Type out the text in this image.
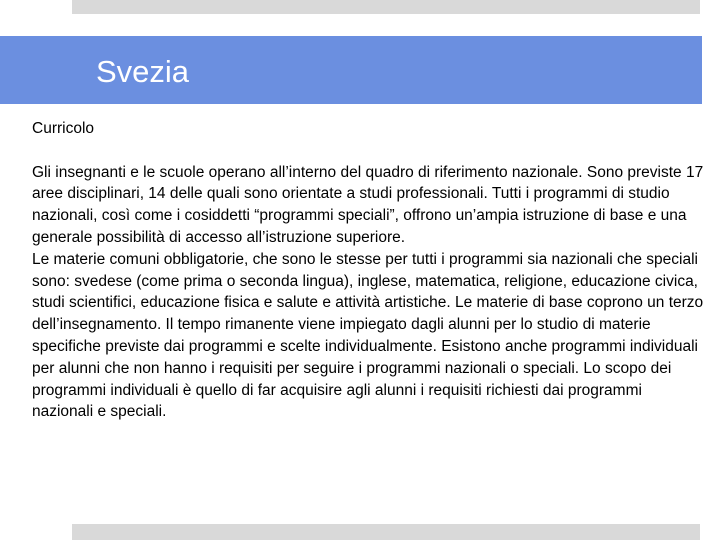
Svezia

Curricolo

Gli insegnanti e le scuole operano all’interno del quadro di riferimento nazionale. Sono previste 17 aree disciplinari, 14 delle quali sono orientate a studi professionali. Tutti i programmi di studio nazionali, così come i cosiddetti “programmi speciali”, offrono un’ampia istruzione di base e una generale possibilità di accesso all’istruzione superiore.

Le materie comuni obbligatorie, che sono le stesse per tutti i programmi sia nazionali che speciali sono: svedese (come prima o seconda lingua), inglese, matematica, religione, educazione civica, studi scientifici, educazione fisica e salute e attività artistiche. Le materie di base coprono un terzo dell’insegnamento. Il tempo rimanente viene impiegato dagli alunni per lo studio di materie specifiche previste dai programmi e scelte individualmente. Esistono anche programmi individuali per alunni che non hanno i requisiti per seguire i programmi nazionali o speciali. Lo scopo dei programmi individuali è quello di far acquisire agli alunni i requisiti richiesti dai programmi nazionali e speciali.
